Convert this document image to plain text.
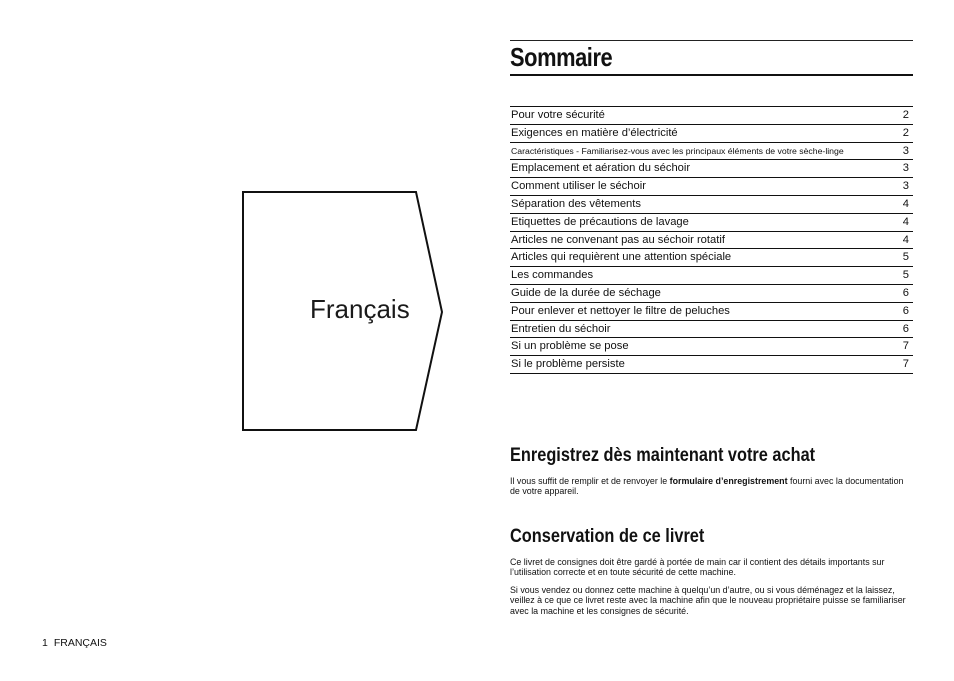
Français
Sommaire
Pour votre sécurité	2
Exigences en matière d’électricité	2
Caractéristiques - Familiarisez-vous avec les principaux éléments de votre sèche-linge	3
Emplacement et aération du séchoir	3
Comment utiliser le séchoir	3
Séparation des vêtements	4
Etiquettes de précautions de lavage	4
Articles ne convenant pas au séchoir rotatif	4
Articles qui requièrent une attention spéciale	5
Les commandes	5
Guide de la durée de séchage	6
Pour enlever et nettoyer le filtre de peluches	6
Entretien du séchoir	6
Si un problème se pose	7
Si le problème persiste	7
Enregistrez dès maintenant votre achat
Il vous suffit de remplir et de renvoyer le formulaire d’enregistrement fourni avec la documentation de votre appareil.
Conservation de ce livret
Ce livret de consignes doit être gardé à portée de main car il contient des détails importants sur l’utilisation correcte et en toute sécurité de cette machine.
Si vous vendez ou donnez cette machine à quelqu’un d’autre, ou si vous déménagez et la laissez, veillez à ce que ce livret reste avec la machine afin que le nouveau propriétaire puisse se familiariser avec la machine et les consignes de sécurité.
1 FRANÇAIS
